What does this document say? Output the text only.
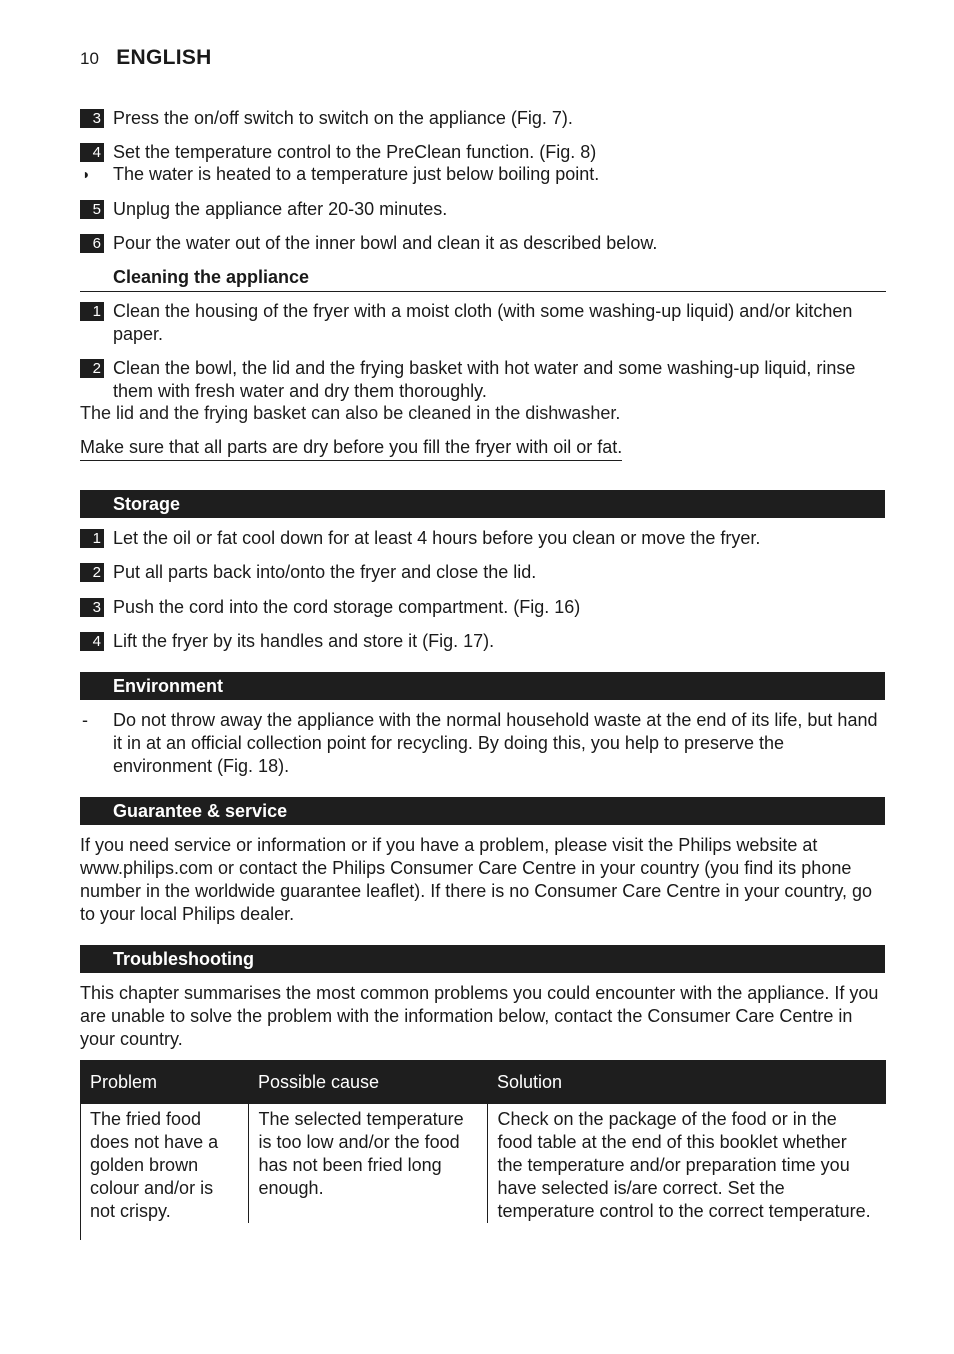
10 ENGLISH
3 Press the on/off switch to switch on the appliance (Fig. 7).
4 Set the temperature control to the PreClean function. (Fig. 8)
◗ The water is heated to a temperature just below boiling point.
5 Unplug the appliance after 20-30 minutes.
6 Pour the water out of the inner bowl and clean it as described below.
Cleaning the appliance
1 Clean the housing of the fryer with a moist cloth (with some washing-up liquid) and/or kitchen paper.
2 Clean the bowl, the lid and the frying basket with hot water and some washing-up liquid, rinse them with fresh water and dry them thoroughly.
The lid and the frying basket can also be cleaned in the dishwasher.
Make sure that all parts are dry before you fill the fryer with oil or fat.
Storage
1 Let the oil or fat cool down for at least 4 hours before you clean or move the fryer.
2 Put all parts back into/onto the fryer and close the lid.
3 Push the cord into the cord storage compartment. (Fig. 16)
4 Lift the fryer by its handles and store it (Fig. 17).
Environment
- Do not throw away the appliance with the normal household waste at the end of its life, but hand it in at an official collection point for recycling. By doing this, you help to preserve the environment (Fig. 18).
Guarantee & service
If you need service or information or if you have a problem, please visit the Philips website at www.philips.com or contact the Philips Consumer Care Centre in your country (you find its phone number in the worldwide guarantee leaflet). If there is no Consumer Care Centre in your country, go to your local Philips dealer.
Troubleshooting
This chapter summarises the most common problems you could encounter with the appliance. If you are unable to solve the problem with the information below, contact the Consumer Care Centre in your country.
Problem	Possible cause	Solution
The fried food does not have a golden brown colour and/or is not crispy.	The selected temperature is too low and/or the food has not been fried long enough.	Check on the package of the food or in the food table at the end of this booklet whether the temperature and/or preparation time you have selected is/are correct. Set the temperature control to the correct temperature.
